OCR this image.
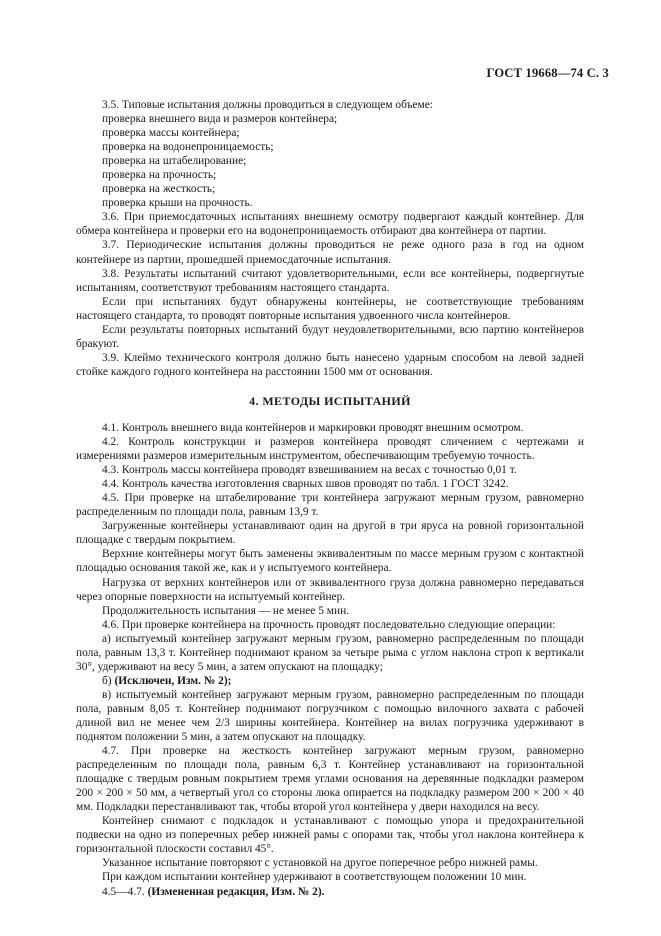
ГОСТ 19668—74 С. 3

3.5. Типовые испытания должны проводиться в следующем объеме:

проверка внешнего вида и размеров контейнера;

проверка массы контейнера;

проверка на водонепроницаемость;

проверка на штабелирование;

проверка на прочность;

проверка на жесткость;

проверка крыши на прочность.

3.6. При приемосдаточных испытаниях внешнему осмотру подвергают каждый контейнер. Для обмера контейнера и проверки его на водонепроницаемость отбирают два контейнера от партии.

3.7. Периодические испытания должны проводиться не реже одного раза в год на одном контейнере из партии, прошедшей приемосдаточные испытания.

3.8. Результаты испытаний считают удовлетворительными, если все контейнеры, подвергнутые испытаниям, соответствуют требованиям настоящего стандарта.

Если при испытаниях будут обнаружены контейнеры, не соответствующие требованиям настоящего стандарта, то проводят повторные испытания удвоенного числа контейнеров.

Если результаты повторных испытаний будут неудовлетворительными, всю партию контейнеров бракуют.

3.9. Клеймо технического контроля должно быть нанесено ударным способом на левой задней стойке каждого годного контейнера на расстоянии 1500 мм от основания.

4. МЕТОДЫ ИСПЫТАНИЙ

4.1. Контроль внешнего вида контейнеров и маркировки проводят внешним осмотром.

4.2. Контроль конструкции и размеров контейнера проводят сличением с чертежами и измерениями размеров измерительным инструментом, обеспечивающим требуемую точность.

4.3. Контроль массы контейнера проводят взвешиванием на весах с точностью 0,01 т.

4.4. Контроль качества изготовления сварных швов проводят по табл. 1 ГОСТ 3242.

4.5. При проверке на штабелирование три контейнера загружают мерным грузом, равномерно распределенным по площади пола, равным 13,9 т.

Загруженные контейнеры устанавливают один на другой в три яруса на ровной горизонтальной площадке с твердым покрытием.

Верхние контейнеры могут быть заменены эквивалентным по массе мерным грузом с контактной площадью основания такой же, как и у испытуемого контейнера.

Нагрузка от верхних контейнеров или от эквивалентного груза должна равномерно передаваться через опорные поверхности на испытуемый контейнер.

Продолжительность испытания — не менее 5 мин.

4.6. При проверке контейнера на прочность проводят последовательно следующие операции:

а) испытуемый контейнер загружают мерным грузом, равномерно распределенным по площади пола, равным 13,3 т. Контейнер поднимают краном за четыре рыма с углом наклона строп к вертикали 30°, удерживают на весу 5 мин, а затем опускают на площадку;

б) (Исключен, Изм. № 2);

в) испытуемый контейнер загружают мерным грузом, равномерно распределенным по площади пола, равным 8,05 т. Контейнер поднимают погрузчиком с помощью вилочного захвата с рабочей длиной вил не менее чем 2/3 ширины контейнера. Контейнер на вилах погрузчика удерживают в поднятом положении 5 мин, а затем опускают на площадку.

4.7. При проверке на жесткость контейнер загружают мерным грузом, равномерно распределенным по площади пола, равным 6,3 т. Контейнер устанавливают на горизонтальной площадке с твердым ровным покрытием тремя углами основания на деревянные подкладки размером 200 × 200 × 50 мм, а четвертый угол со стороны люка опирается на подкладку размером 200 × 200 × 40 мм. Подкладки перестанвливают так, чтобы второй угол контейнера у двери находился на весу.

Контейнер снимают с подкладок и устанавливают с помощью упора и предохранительной подвески на одно из поперечных ребер нижней рамы с опорами так, чтобы угол наклона контейнера к горизонтальной плоскости составил 45°.

Указанное испытание повторяют с установкой на другое поперечное ребро нижней рамы.

При каждом испытании контейнер удерживают в соответствующем положении 10 мин.

4.5—4.7. (Измененная редакция, Изм. № 2).
